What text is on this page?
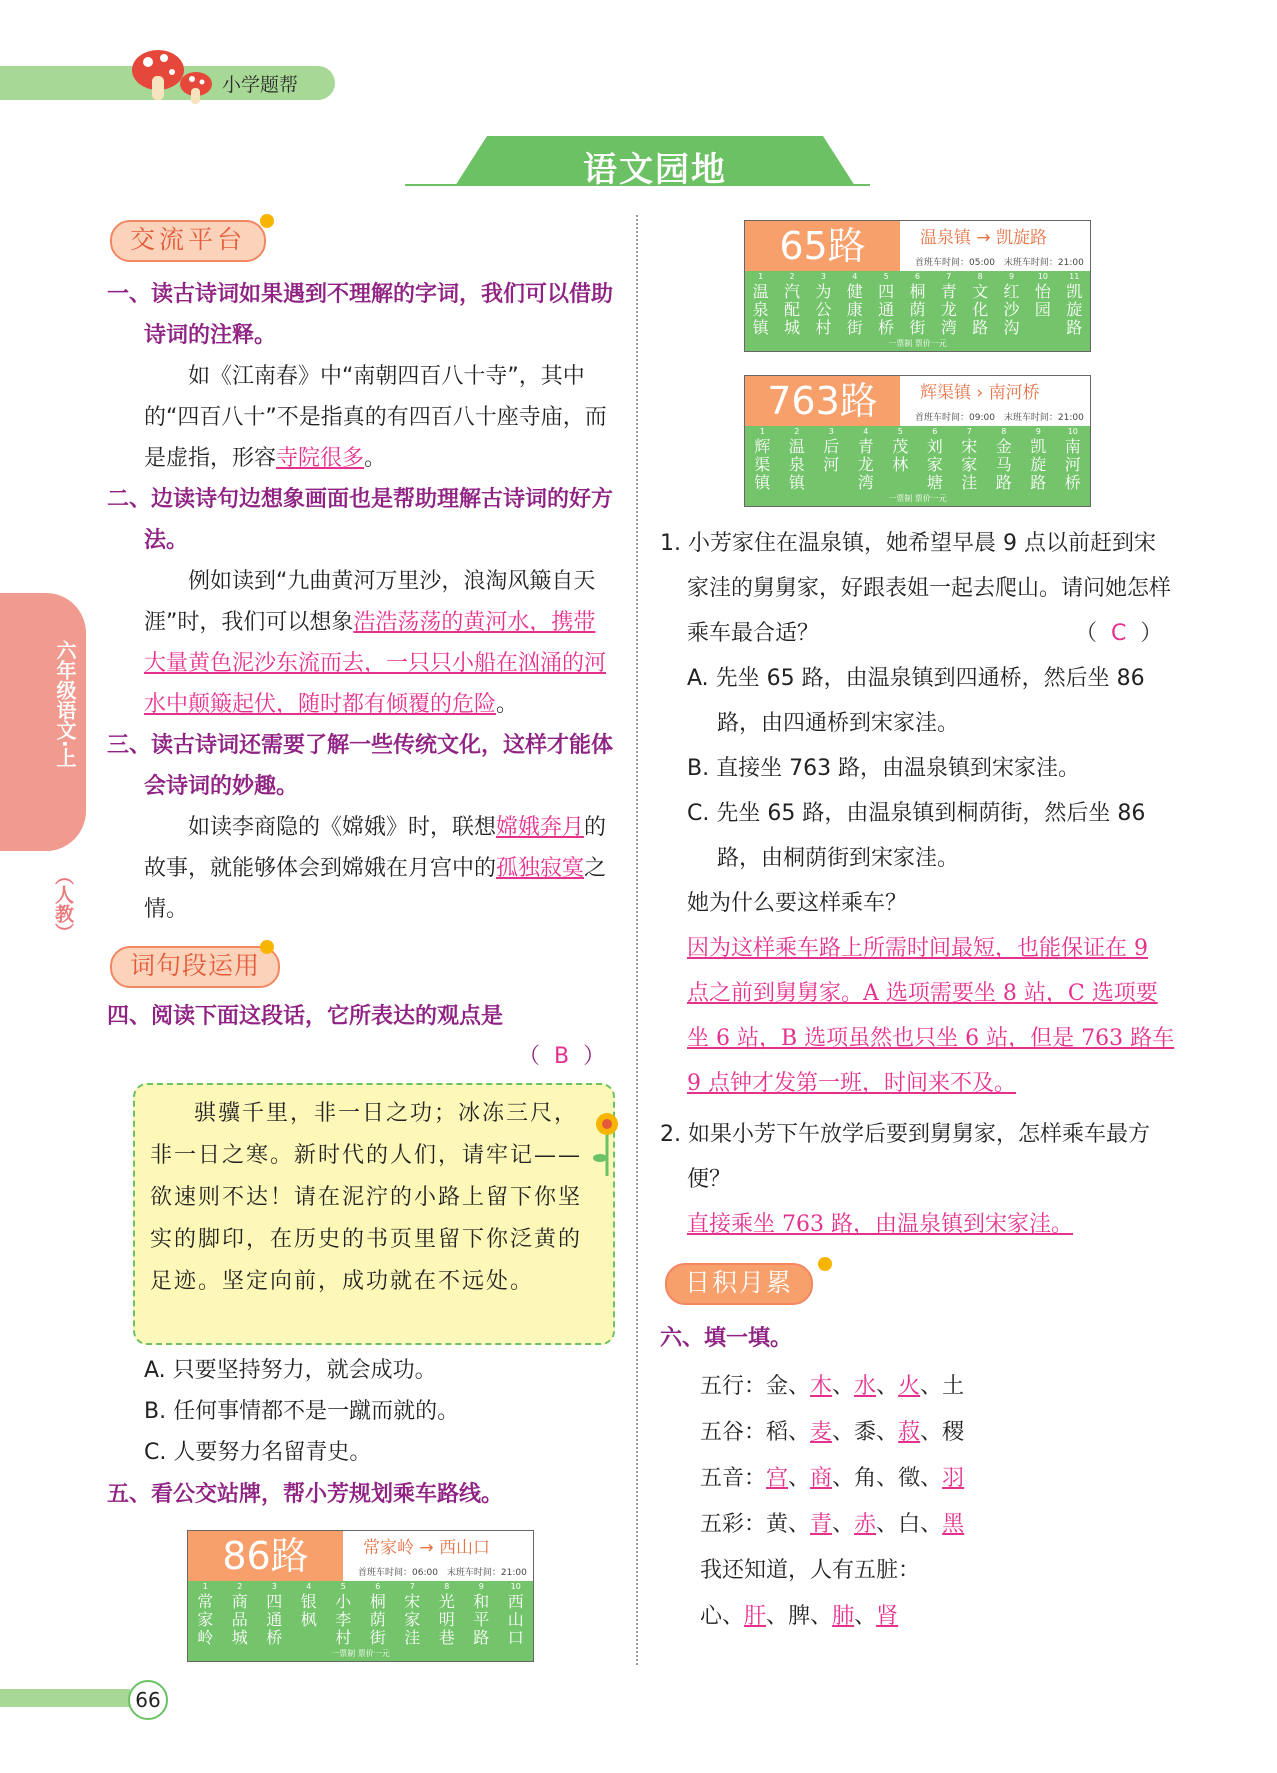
小学题帮
语文园地
六年级语文·上
（人教）
交流平台

一、读古诗词如果遇到不理解的字词，我们可以借助诗词的注释。

如《江南春》中“南朝四百八十寺”，其中的“四百八十”不是指真的有四百八十座寺庙，而是虚指，形容寺院很多。

二、边读诗句边想象画面也是帮助理解古诗词的好方法。

例如读到“九曲黄河万里沙，浪淘风簸自天涯”时，我们可以想象浩浩荡荡的黄河水，携带大量黄色泥沙东流而去，一只只小船在汹涌的河水中颠簸起伏，随时都有倾覆的危险。

三、读古诗词还需要了解一些传统文化，这样才能体会诗词的妙趣。

如读李商隐的《嫦娥》时，联想嫦娥奔月的故事，就能够体会到嫦娥在月宫中的孤独寂寞之情。

词句段运用
四、阅读下面这段话，它所表达的观点是
（ B ）
骐骥千里，非一日之功；冰冻三尺，非一日之寒。新时代的人们，请牢记——欲速则不达！请在泥泞的小路上留下你坚实的脚印，在历史的书页里留下你泛黄的足迹。坚定向前，成功就在不远处。

A. 只要坚持努力，就会成功。

B. 任何事情都不是一蹴而就的。

C. 人要努力名留青史。

五、看公交站牌，帮小芳规划乘车路线。
86路	常家岭 → 西山口
首班车时间：06:00　末班车时间：21:00
1
常家岭
2
商品城
3
四通桥
4
银枫
5
小李村
6
桐荫街
7
宋家洼
8
光明巷
9
和平路
10
西山口
一票制 票价一元
65路	温泉镇 → 凯旋路
首班车时间：05:00　末班车时间：21:00
1
温泉镇
2
汽配城
3
为公村
4
健康街
5
四通桥
6
桐荫街
7
青龙湾
8
文化路
9
红沙沟
10
怡园
11
凯旋路
一票制 票价一元
763路	辉渠镇 › 南河桥
首班车时间：09:00　末班车时间：21:00
1
辉渠镇
2
温泉镇
3
后河
4
青龙湾
5
茂林
6
刘家塘
7
宋家洼
8
金马路
9
凯旋路
10
南河桥
一票制 票价一元

1. 小芳家住在温泉镇，她希望早晨 9 点以前赶到宋家洼的舅舅家，好跟表姐一起去爬山。请问她怎样乘车最合适？	（ C ）

A. 先坐 65 路，由温泉镇到四通桥，然后坐 86 路，由四通桥到宋家洼。

B. 直接坐 763 路，由温泉镇到宋家洼。

C. 先坐 65 路，由温泉镇到桐荫街，然后坐 86 路，由桐荫街到宋家洼。

她为什么要这样乘车？

因为这样乘车路上所需时间最短，也能保证在 9 点之前到舅舅家。A 选项需要坐 8 站，C 选项要坐 6 站，B 选项虽然也只坐 6 站，但是 763 路车 9 点钟才发第一班，时间来不及。

2. 如果小芳下午放学后要到舅舅家，怎样乘车最方便？

直接乘坐 763 路，由温泉镇到宋家洼。

日积月累
六、填一填。

五行：金、木、水、火、土

五谷：稻、麦、黍、菽、稷

五音：宫、商、角、徵、羽

五彩：黄、青、赤、白、黑

我还知道，人有五脏：

心、肝、脾、肺、肾

66
